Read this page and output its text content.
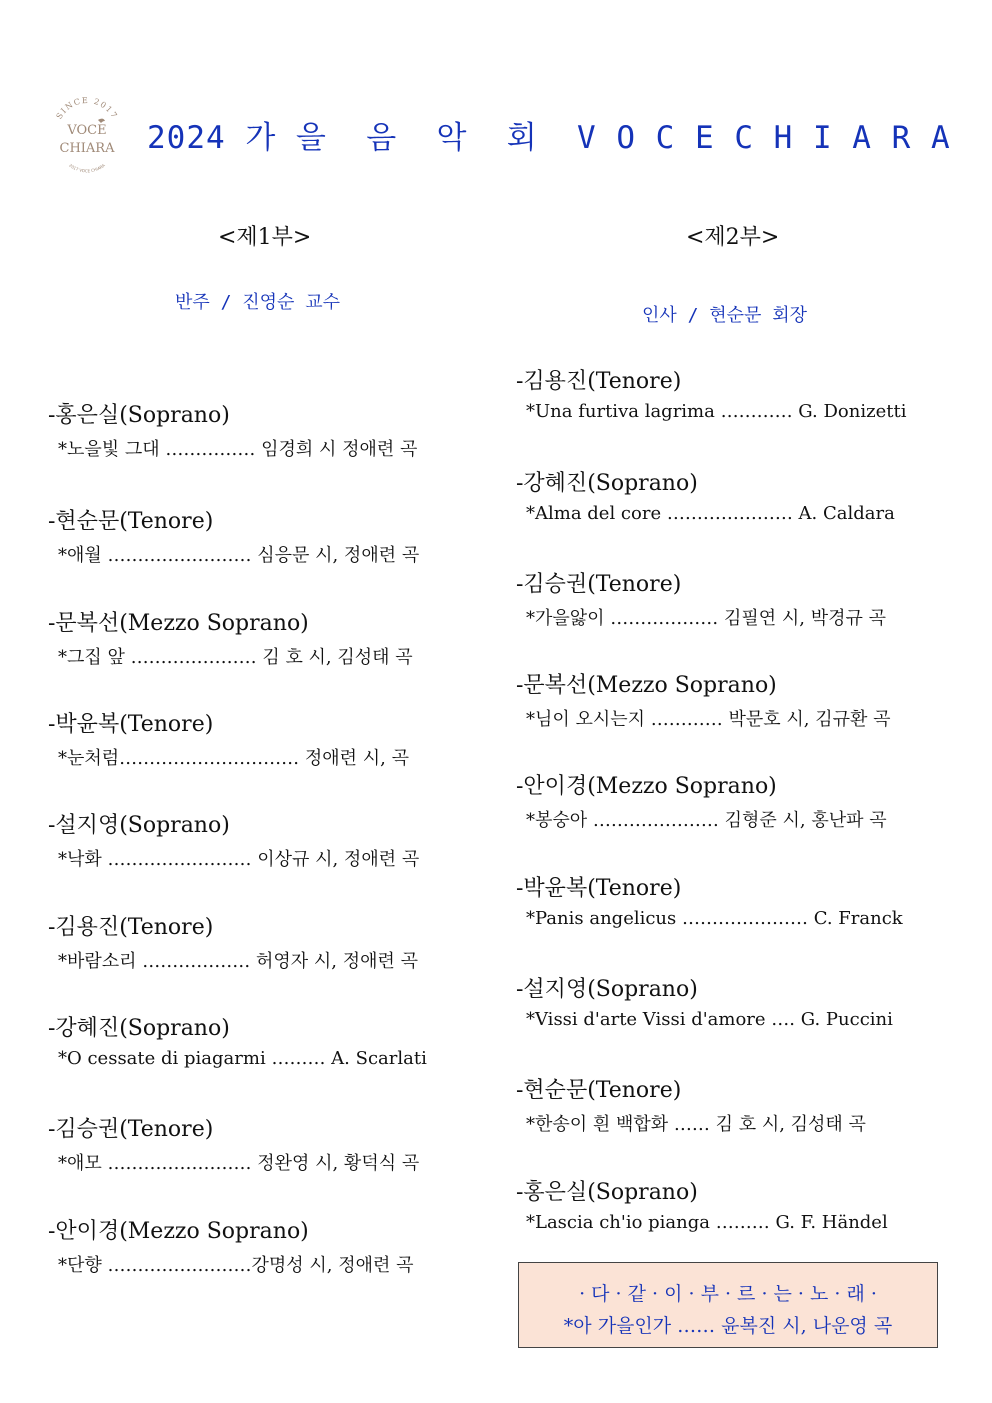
SINCE 2017
VOCE
CHIARA
2017 VOCE CHIARA
2024 가 을  음  악  회  V O C E C H I A R A
<제1부>
반주 / 진영순 교수
-홍은실(Soprano)
*노을빛 그대 …………… 임경희 시 정애련 곡
-현순문(Tenore)
*애월 …………………… 심응문 시, 정애련 곡
-문복선(Mezzo Soprano)
*그집 앞 ………………… 김 호 시, 김성태 곡
-박윤복(Tenore)
*눈처럼………………………… 정애련 시, 곡
-설지영(Soprano)
*낙화 …………………… 이상규 시, 정애련 곡
-김용진(Tenore)
*바람소리 ……………… 허영자 시, 정애련 곡
-강혜진(Soprano)
*O cessate di piagarmi ……… A. Scarlati
-김승권(Tenore)
*애모 …………………… 정완영 시, 황덕식 곡
-안이경(Mezzo Soprano)
*단향 ……………………강명성 시, 정애련 곡
<제2부>
인사 / 현순문 회장
-김용진(Tenore)
*Una furtiva lagrima ………… G. Donizetti
-강혜진(Soprano)
*Alma del core ………………… A. Caldara
-김승권(Tenore)
*가을앓이 ……………… 김필연 시, 박경규 곡
-문복선(Mezzo Soprano)
*님이 오시는지 ………… 박문호 시, 김규환 곡
-안이경(Mezzo Soprano)
*봉숭아 ………………… 김형준 시, 홍난파 곡
-박윤복(Tenore)
*Panis angelicus ………………… C. Franck
-설지영(Soprano)
*Vissi d'arte Vissi d'amore …. G. Puccini
-현순문(Tenore)
*한송이 흰 백합화 …… 김 호 시, 김성태 곡
-홍은실(Soprano)
*Lascia ch'io pianga ……… G. F. Händel
· 다 · 같 · 이 · 부 · 르 · 는 · 노 · 래 ·
*아 가을인가 …… 윤복진 시, 나운영 곡
